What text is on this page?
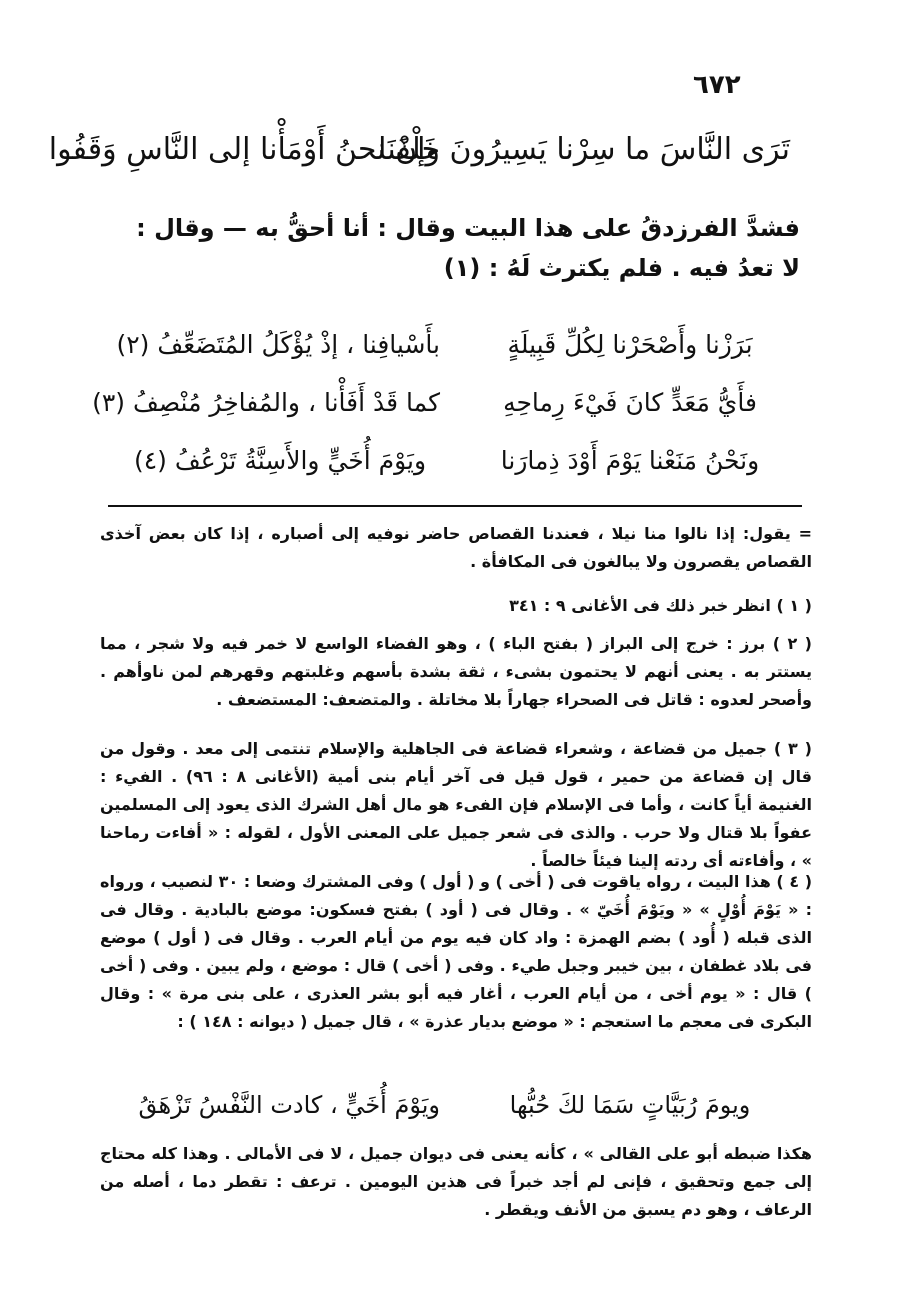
٦٧٢
تَرَى النَّاسَ ما سِرْنا يَسِيرُونَ خَلْفَنَا
وإنْ نحنُ أَوْمَأْنا إلى النَّاسِ وَقَفُوا

فشدَّ الفرزدقُ على هذا البيت وقال : أنا أحقُّ به — وقال :

لا تعدُ فيه . فلم يكترث لَهُ : (١)

بَرَزْنا وأَصْحَرْنا لِكُلِّ قَبِيلَةٍ
بأَسْيافِنا ، إذْ يُؤْكَلُ المُتَضَعِّفُ (٢)
فأَيُّ مَعَدٍّ كانَ فَيْءَ رِماحِهِ
كما قَدْ أَفَأْنا ، والمُفاخِرُ مُنْصِفُ (٣)
ونَحْنُ مَنَعْنا يَوْمَ أَوْدَ ذِمارَنا
ويَوْمَ أُخَيٍّ والأَسِنَّةُ تَرْعُفُ (٤)

= يقول: إذا نالوا منا نيلا ، فعندنا القصاص حاضر نوفيه إلى أصباره ، إذا كان بعض آخذى القصاص يقصرون ولا يبالغون فى المكافأة .

( ١ ) انظر خبر ذلك فى الأغانى ٩ : ٣٤١

( ٢ ) برز : خرج إلى البراز ( بفتح الباء ) ، وهو الفضاء الواسع لا خمر فيه ولا شجر ، مما يستتر به . يعنى أنهم لا يحتمون بشىء ، ثقة بشدة بأسهم وغلبتهم وقهرهم لمن ناوأهم . وأصحر لعدوه : قاتل فى الصحراء جهاراً بلا مخاتلة . والمتضعف: المستضعف .

( ٣ ) جميل من قضاعة ، وشعراء قضاعة فى الجاهلية والإسلام تنتمى إلى معد . وقول من قال إن قضاعة من حمير ، قول قيل فى آخر أيام بنى أمية (الأغانى ٨ : ٩٦) . الفيء : الغنيمة أياً كانت ، وأما فى الإسلام فإن الفىء هو مال أهل الشرك الذى يعود إلى المسلمين عفواً بلا قتال ولا حرب . والذى فى شعر جميل على المعنى الأول ، لقوله : « أفاءت رماحنا » ، وأفاءته أى ردته إلينا فيئاً خالصاً .

( ٤ ) هذا البيت ، رواه ياقوت فى ( أخى ) و ( أول ) وفى المشترك وضعا : ٣٠ لنصيب ، ورواه : « يَوْمَ أُوْلٍ » « ويَوْمَ أُخَيّ » . وقال فى ( أود ) بفتح فسكون: موضع بالبادية . وقال فى الذى قبله ( أُود ) بضم الهمزة : واد كان فيه يوم من أيام العرب . وقال فى ( أول ) موضع فى بلاد غطفان ، بين خيبر وجبل طيء . وفى ( أخى ) قال : موضع ، ولم يبين . وفى ( أخى ) قال : « يوم أخى ، من أيام العرب ، أغار فيه أبو بشر العذرى ، على بنى مرة » : وقال البكرى فى معجم ما استعجم : « موضع بديار عذرة » ، قال جميل ( ديوانه : ١٤٨ ) :

ويومَ رُبَيَّاتٍ سَمَا لكَ حُبُّها
ويَوْمَ أُخَيٍّ ، كادت النَّفْسُ تَزْهَقُ

هكذا ضبطه أبو على القالى » ، كأنه يعنى فى ديوان جميل ، لا فى الأمالى . وهذا كله محتاج إلى جمع وتحقيق ، فإنى لم أجد خبراً فى هذين اليومين . ترعف : تقطر دما ، أصله من الرعاف ، وهو دم يسبق من الأنف ويقطر .
